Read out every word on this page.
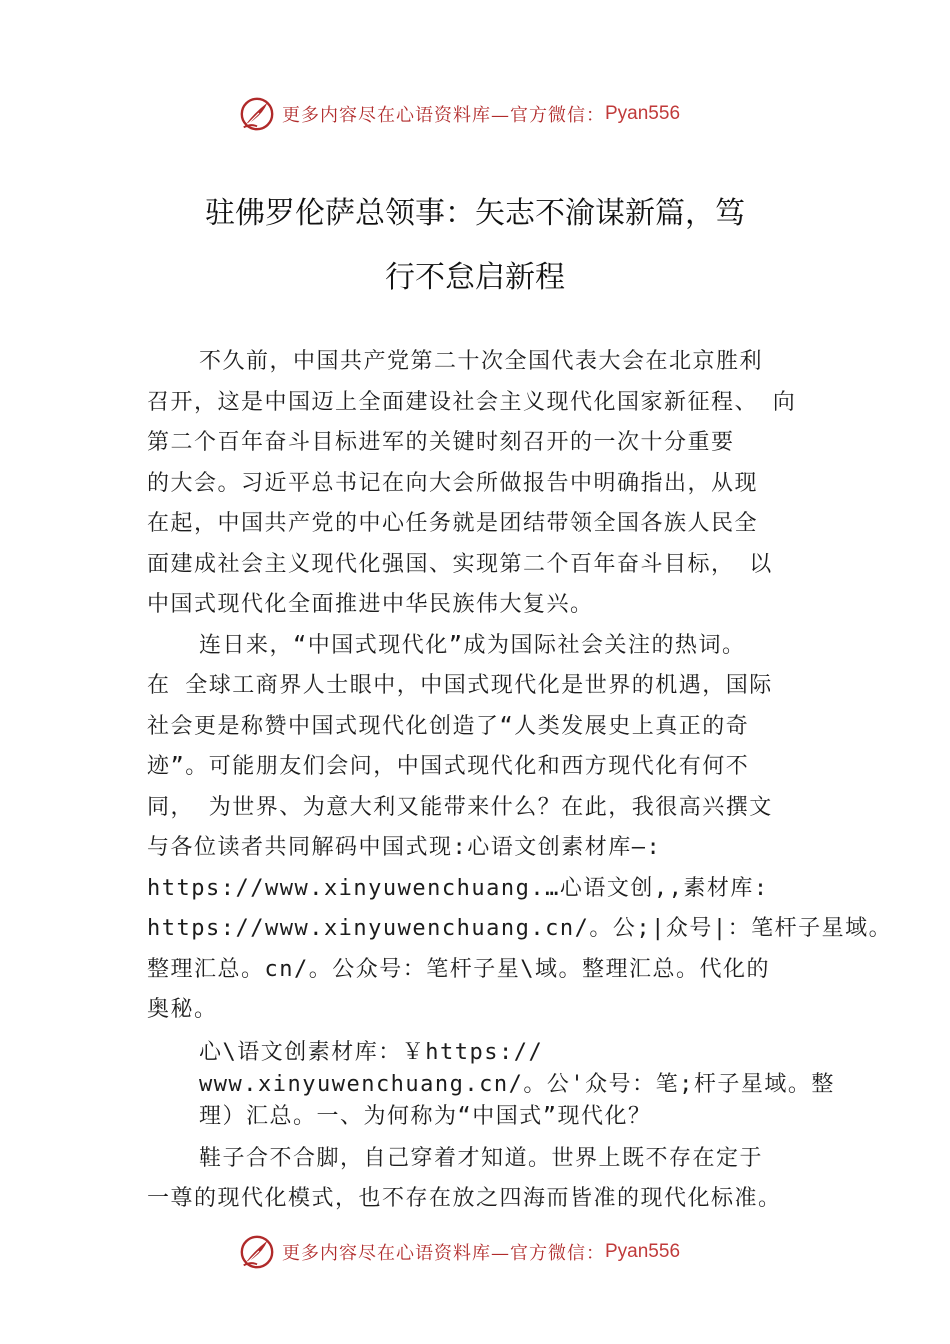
更多内容尽在心语资料库—官方微信： Pyan556
驻佛罗伦萨总领事：矢志不渝谋新篇，笃
行不怠启新程
不久前，中国共产党第二十次全国代表大会在北京胜利
召开，这是中国迈上全面建设社会主义现代化国家新征程、 向
第二个百年奋斗目标进军的关键时刻召开的一次十分重要
的大会。习近平总书记在向大会所做报告中明确指出，从现
在起，中国共产党的中心任务就是团结带领全国各族人民全
面建成社会主义现代化强国、实现第二个百年奋斗目标， 以
中国式现代化全面推进中华民族伟大复兴。
连日来，“中国式现代化”成为国际社会关注的热词。
在 全球工商界人士眼中，中国式现代化是世界的机遇，国际
社会更是称赞中国式现代化创造了“人类发展史上真正的奇
迹”。可能朋友们会问，中国式现代化和西方现代化有何不
同， 为世界、为意大利又能带来什么？在此，我很高兴撰文
与各位读者共同解码中国式现:心语文创素材库—:
https://www.xinyuwenchuang.…心语文创,,素材库:
https://www.xinyuwenchuang.cn/。公;|众号|：笔杆子星域。
整理汇总。cn/。公众号：笔杆子星\域。整理汇总。代化的
奥秘。
心\语文创素材库：￥https://
www.xinyuwenchuang.cn/。公'众号：笔;杆子星域。整
理）汇总。一、为何称为“中国式”现代化？
鞋子合不合脚，自己穿着才知道。世界上既不存在定于
一尊的现代化模式，也不存在放之四海而皆准的现代化标准。
更多内容尽在心语资料库—官方微信： Pyan556
